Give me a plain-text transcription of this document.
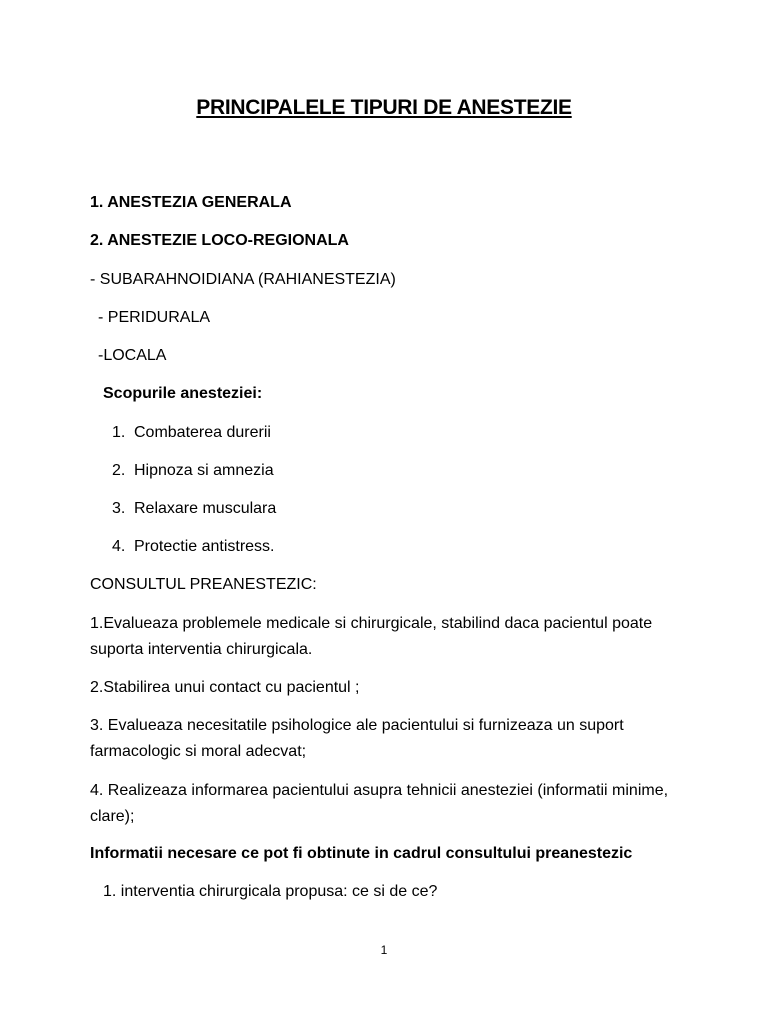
PRINCIPALELE TIPURI DE ANESTEZIE
1. ANESTEZIA GENERALA
2. ANESTEZIE LOCO-REGIONALA
- SUBARAHNOIDIANA (RAHIANESTEZIA)
- PERIDURALA
-LOCALA
Scopurile anesteziei:
1. Combaterea durerii
2. Hipnoza si amnezia
3. Relaxare musculara
4. Protectie antistress.
CONSULTUL PREANESTEZIC:
1.Evalueaza problemele medicale si chirurgicale, stabilind daca pacientul poate suporta interventia chirurgicala.
2.Stabilirea unui contact cu pacientul ;
3. Evalueaza necesitatile psihologice ale pacientului si furnizeaza un suport farmacologic si moral adecvat;
4. Realizeaza informarea pacientului asupra tehnicii anesteziei (informatii minime, clare);
Informatii necesare ce pot fi obtinute in cadrul consultului preanestezic
1. interventia chirurgicala propusa: ce si de ce?
1
